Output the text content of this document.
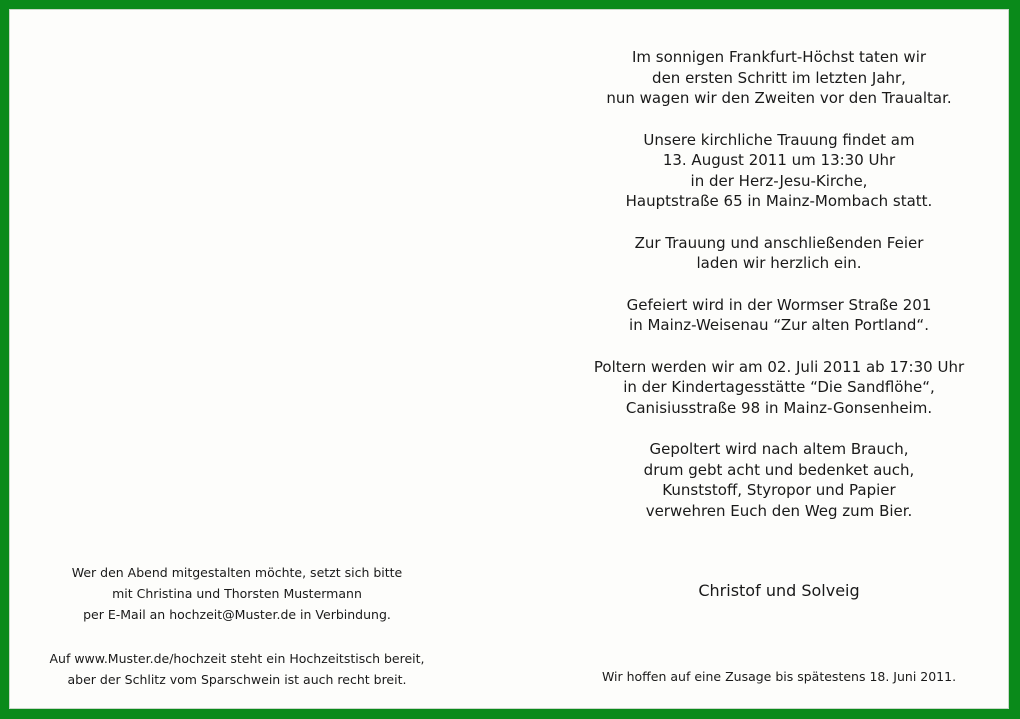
Wer den Abend mitgestalten möchte, setzt sich bitte
mit Christina und Thorsten Mustermann
per E-Mail an hochzeit@Muster.de in Verbindung.
Auf www.Muster.de/hochzeit steht ein Hochzeitstisch bereit,
aber der Schlitz vom Sparschwein ist auch recht breit.

Im sonnigen Frankfurt-Höchst taten wir
den ersten Schritt im letzten Jahr,
nun wagen wir den Zweiten vor den Traualtar.

Unsere kirchliche Trauung findet am
13. August 2011 um 13:30 Uhr
in der Herz-Jesu-Kirche,
Hauptstraße 65 in Mainz-Mombach statt.

Zur Trauung und anschließenden Feier
laden wir herzlich ein.

Gefeiert wird in der Wormser Straße 201
in Mainz-Weisenau “Zur alten Portland“.

Poltern werden wir am 02. Juli 2011 ab 17:30 Uhr
in der Kindertagesstätte “Die Sandflöhe“,
Canisiusstraße 98 in Mainz-Gonsenheim.

Gepoltert wird nach altem Brauch,
drum gebt acht und bedenket auch,
Kunststoff, Styropor und Papier
verwehren Euch den Weg zum Bier.

Christof und Solveig

Wir hoffen auf eine Zusage bis spätestens 18. Juni 2011.
